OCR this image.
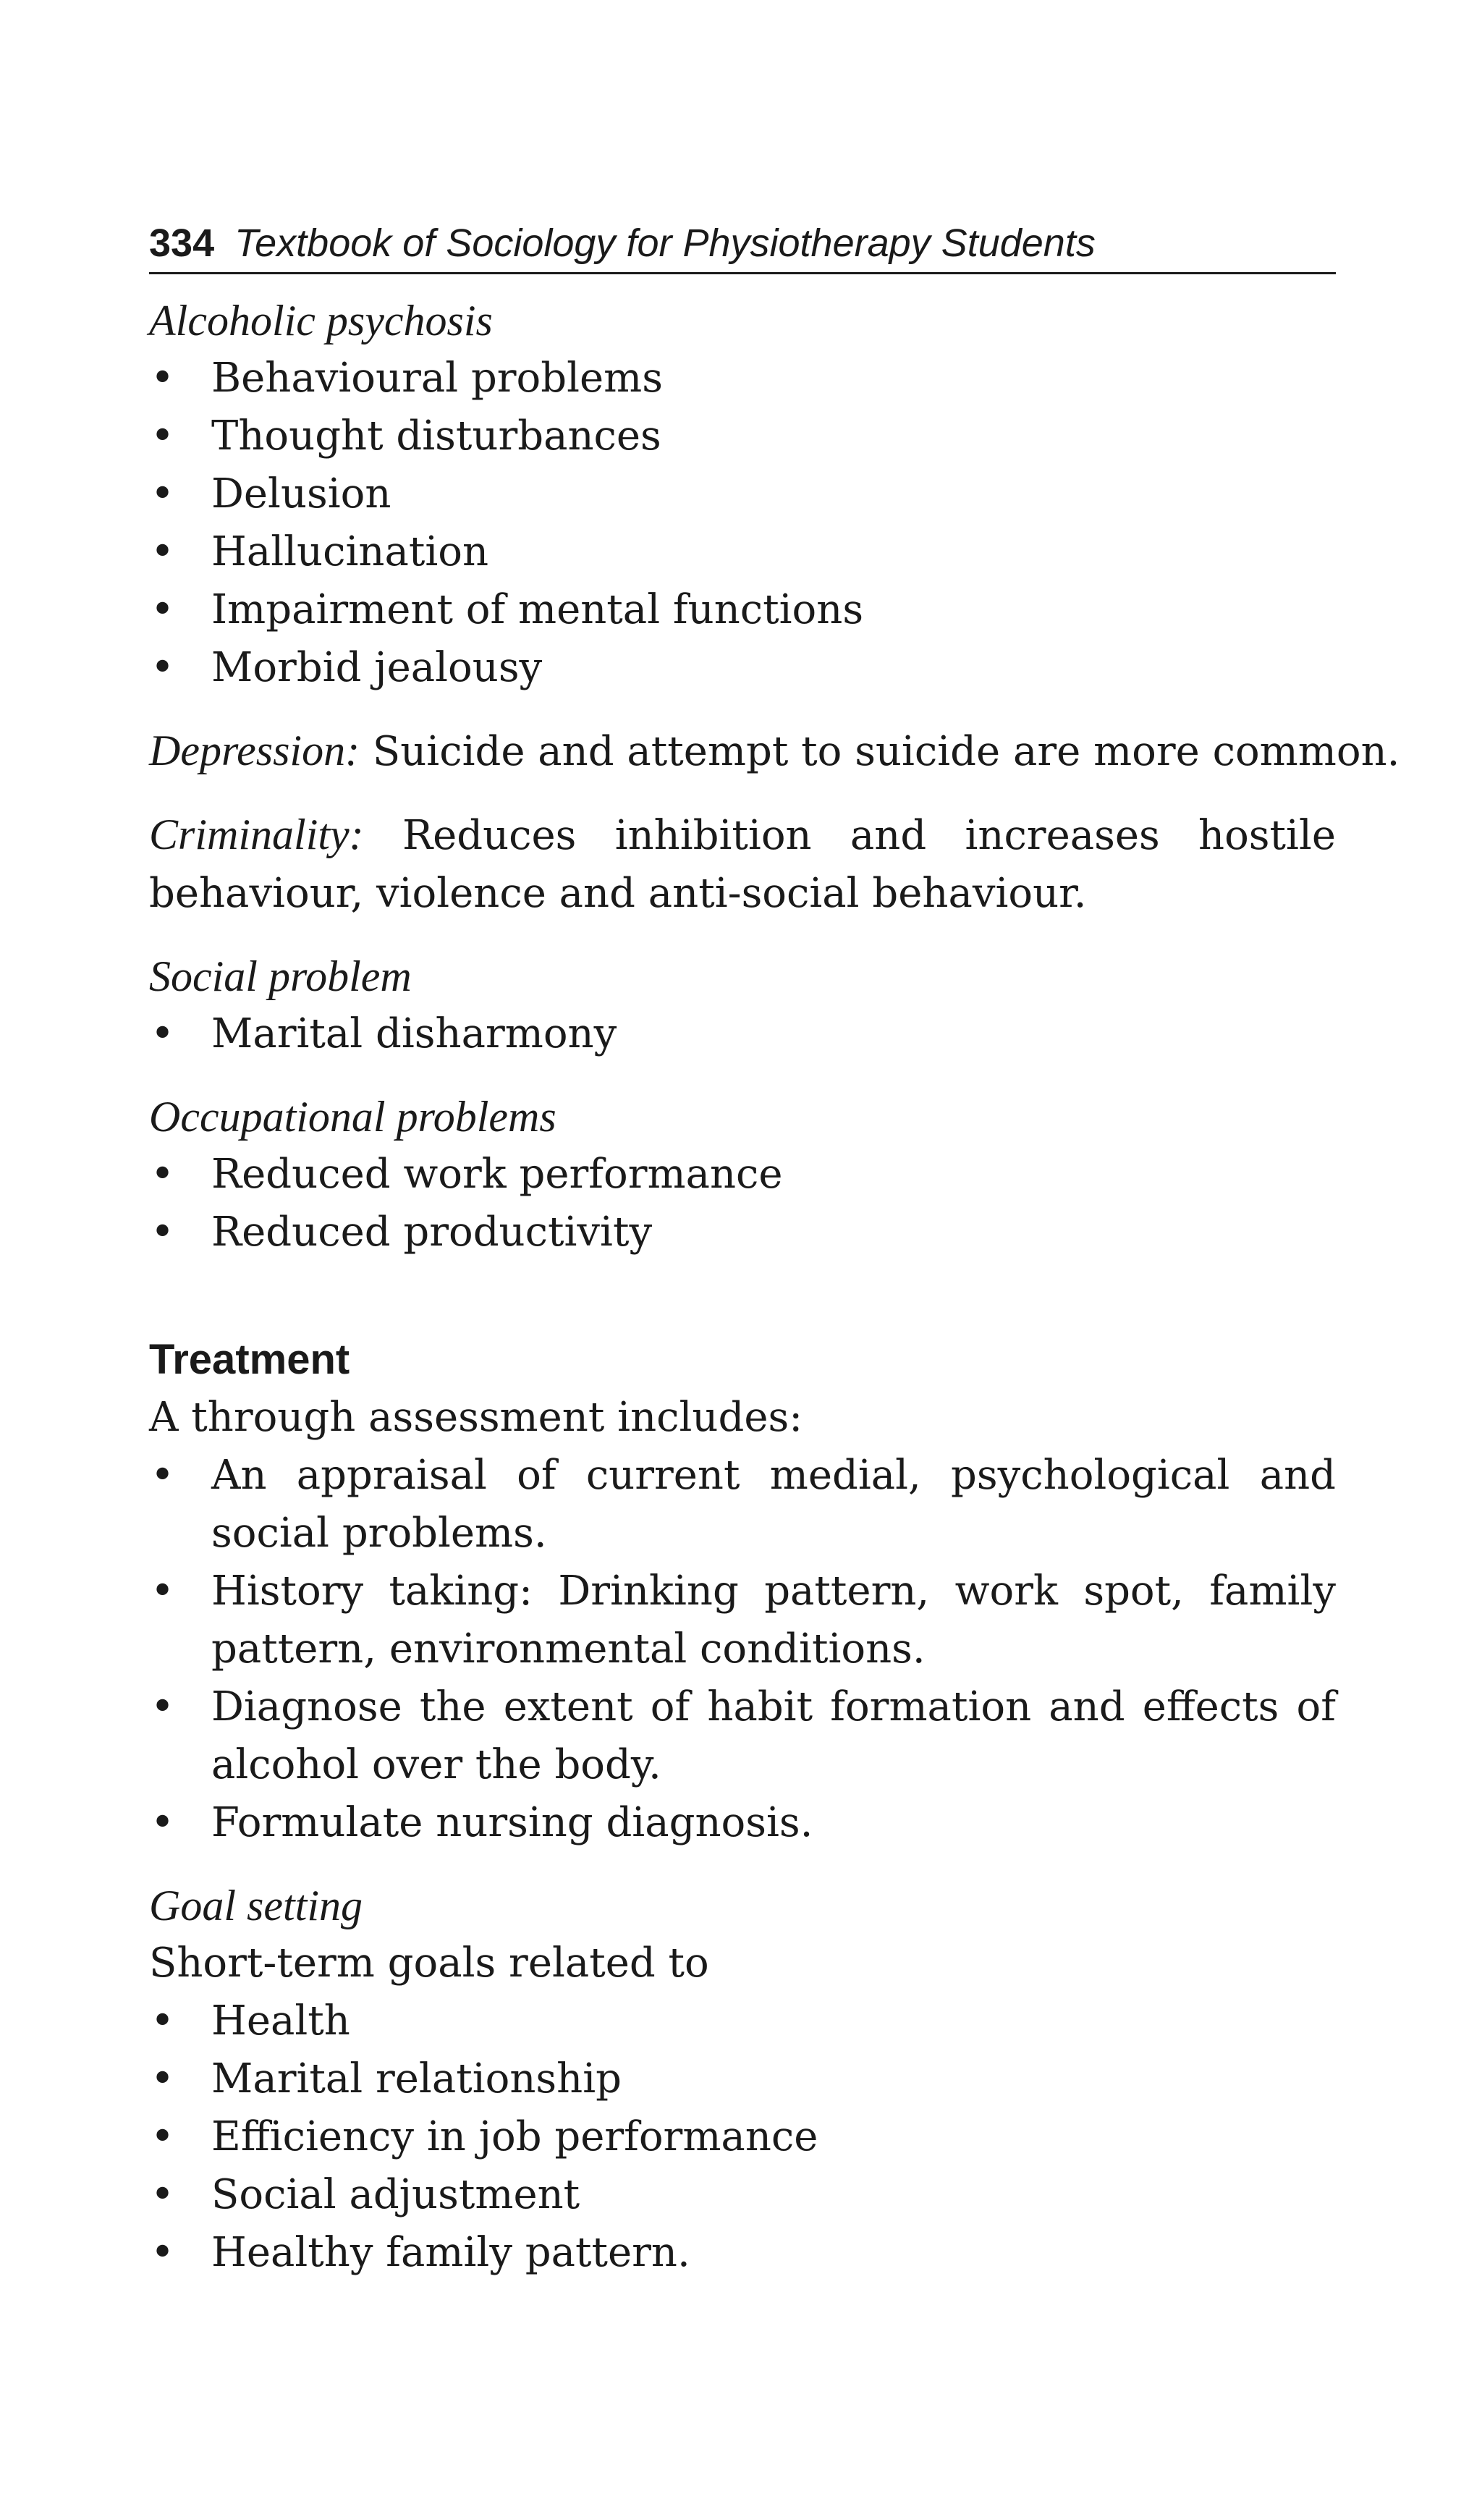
334 Textbook of Sociology for Physiotherapy Students
Alcoholic psychosis
• Behavioural problems
• Thought disturbances
• Delusion
• Hallucination
• Impairment of mental functions
• Morbid jealousy
Depression: Suicide and attempt to suicide are more common.
Criminality: Reduces inhibition and increases hostile behaviour, violence and anti-social behaviour.
Social problem
• Marital disharmony
Occupational problems
• Reduced work performance
• Reduced productivity
Treatment
A through assessment includes:
• An appraisal of current medial, psychological and social problems.
• History taking: Drinking pattern, work spot, family pattern, environmental conditions.
• Diagnose the extent of habit formation and effects of alcohol over the body.
• Formulate nursing diagnosis.
Goal setting
Short-term goals related to
• Health
• Marital relationship
• Efficiency in job performance
• Social adjustment
• Healthy family pattern.
